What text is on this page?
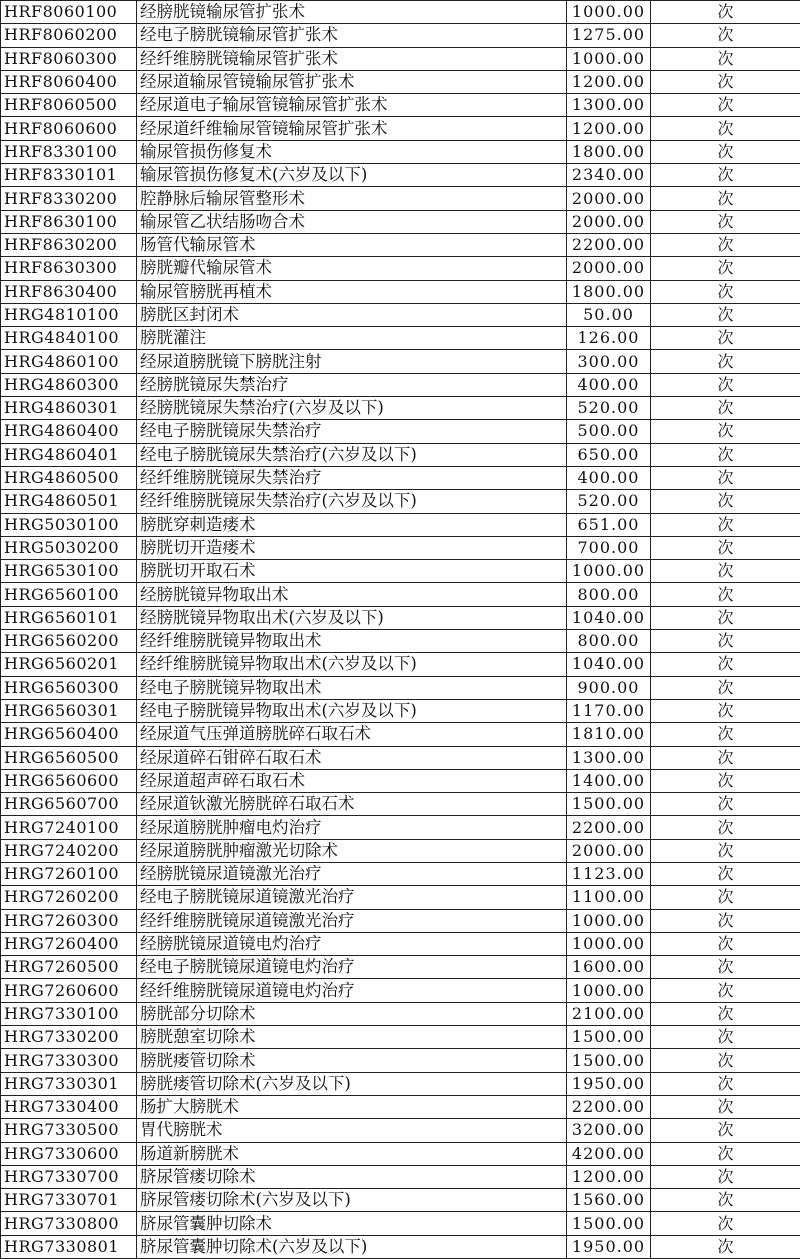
HRF8060100	经膀胱镜输尿管扩张术	1000.00	次
HRF8060200	经电子膀胱镜输尿管扩张术	1275.00	次
HRF8060300	经纤维膀胱镜输尿管扩张术	1000.00	次
HRF8060400	经尿道输尿管镜输尿管扩张术	1200.00	次
HRF8060500	经尿道电子输尿管镜输尿管扩张术	1300.00	次
HRF8060600	经尿道纤维输尿管镜输尿管扩张术	1200.00	次
HRF8330100	输尿管损伤修复术	1800.00	次
HRF8330101	输尿管损伤修复术(六岁及以下)	2340.00	次
HRF8330200	腔静脉后输尿管整形术	2000.00	次
HRF8630100	输尿管乙状结肠吻合术	2000.00	次
HRF8630200	肠管代输尿管术	2200.00	次
HRF8630300	膀胱瓣代输尿管术	2000.00	次
HRF8630400	输尿管膀胱再植术	1800.00	次
HRG4810100	膀胱区封闭术	50.00	次
HRG4840100	膀胱灌注	126.00	次
HRG4860100	经尿道膀胱镜下膀胱注射	300.00	次
HRG4860300	经膀胱镜尿失禁治疗	400.00	次
HRG4860301	经膀胱镜尿失禁治疗(六岁及以下)	520.00	次
HRG4860400	经电子膀胱镜尿失禁治疗	500.00	次
HRG4860401	经电子膀胱镜尿失禁治疗(六岁及以下)	650.00	次
HRG4860500	经纤维膀胱镜尿失禁治疗	400.00	次
HRG4860501	经纤维膀胱镜尿失禁治疗(六岁及以下)	520.00	次
HRG5030100	膀胱穿刺造瘘术	651.00	次
HRG5030200	膀胱切开造瘘术	700.00	次
HRG6530100	膀胱切开取石术	1000.00	次
HRG6560100	经膀胱镜异物取出术	800.00	次
HRG6560101	经膀胱镜异物取出术(六岁及以下)	1040.00	次
HRG6560200	经纤维膀胱镜异物取出术	800.00	次
HRG6560201	经纤维膀胱镜异物取出术(六岁及以下)	1040.00	次
HRG6560300	经电子膀胱镜异物取出术	900.00	次
HRG6560301	经电子膀胱镜异物取出术(六岁及以下)	1170.00	次
HRG6560400	经尿道气压弹道膀胱碎石取石术	1810.00	次
HRG6560500	经尿道碎石钳碎石取石术	1300.00	次
HRG6560600	经尿道超声碎石取石术	1400.00	次
HRG6560700	经尿道钬激光膀胱碎石取石术	1500.00	次
HRG7240100	经尿道膀胱肿瘤电灼治疗	2200.00	次
HRG7240200	经尿道膀胱肿瘤激光切除术	2000.00	次
HRG7260100	经膀胱镜尿道镜激光治疗	1123.00	次
HRG7260200	经电子膀胱镜尿道镜激光治疗	1100.00	次
HRG7260300	经纤维膀胱镜尿道镜激光治疗	1000.00	次
HRG7260400	经膀胱镜尿道镜电灼治疗	1000.00	次
HRG7260500	经电子膀胱镜尿道镜电灼治疗	1600.00	次
HRG7260600	经纤维膀胱镜尿道镜电灼治疗	1000.00	次
HRG7330100	膀胱部分切除术	2100.00	次
HRG7330200	膀胱憩室切除术	1500.00	次
HRG7330300	膀胱瘘管切除术	1500.00	次
HRG7330301	膀胱瘘管切除术(六岁及以下)	1950.00	次
HRG7330400	肠扩大膀胱术	2200.00	次
HRG7330500	胃代膀胱术	3200.00	次
HRG7330600	肠道新膀胱术	4200.00	次
HRG7330700	脐尿管瘘切除术	1200.00	次
HRG7330701	脐尿管瘘切除术(六岁及以下)	1560.00	次
HRG7330800	脐尿管囊肿切除术	1500.00	次
HRG7330801	脐尿管囊肿切除术(六岁及以下)	1950.00	次
